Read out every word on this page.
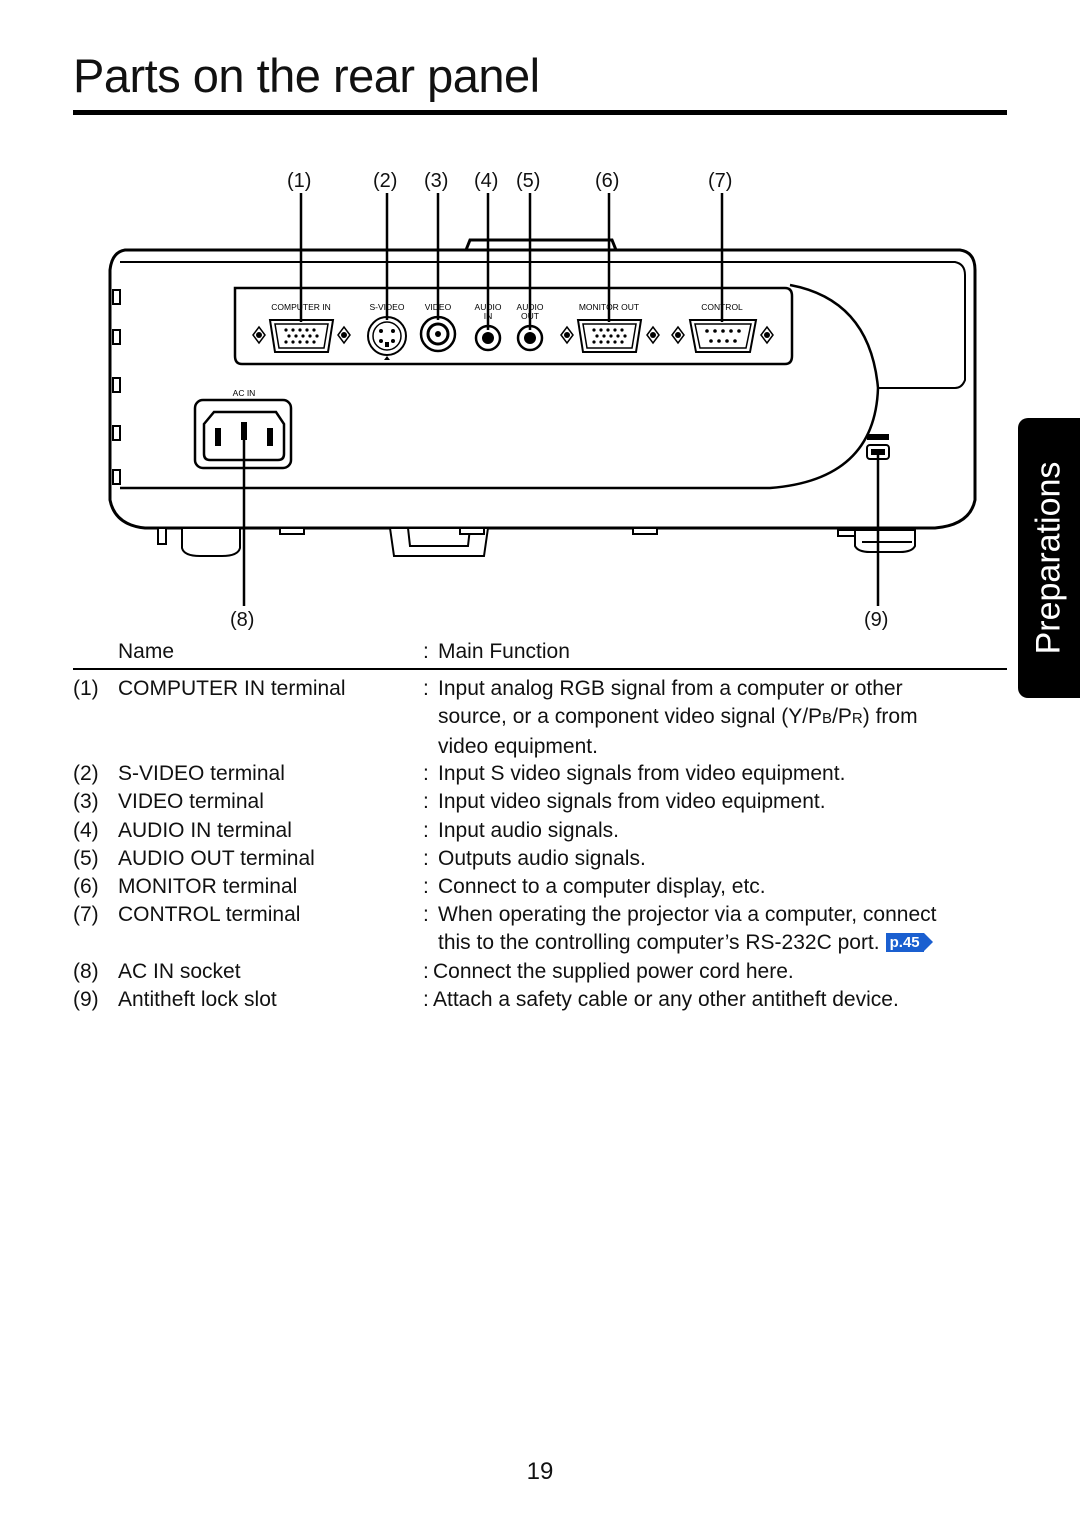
Parts on the rear panel
Preparations
COMPUTER IN	S-VIDEO VIDEO	AUDIO
IN
AUDIO
OUT
MONITOR OUT	CONTROL
AC IN
(1)	(2) (3) (4) (5)	(6)	(7)
(8)	(9)
Name	: Main Function
(1) COMPUTER IN terminal	: Input analog RGB signal from a computer or other
source, or a component video signal (Y/PB/PR) from
video equipment.
(2) S-VIDEO terminal	: Input S video signals from video equipment.
(3) VIDEO terminal	: Input video signals from video equipment.
(4) AUDIO IN terminal	: Input audio signals.
(5) AUDIO OUT terminal	: Outputs audio signals.
(6) MONITOR terminal	: Connect to a computer display, etc.
(7) CONTROL terminal	: When operating the projector via a computer, connect
this to the controlling computer’s RS-232C port. p.45
(8) AC IN socket	: Connect the supplied power cord here.
(9) Antitheft lock slot	: Attach a safety cable or any other antitheft device.
19
